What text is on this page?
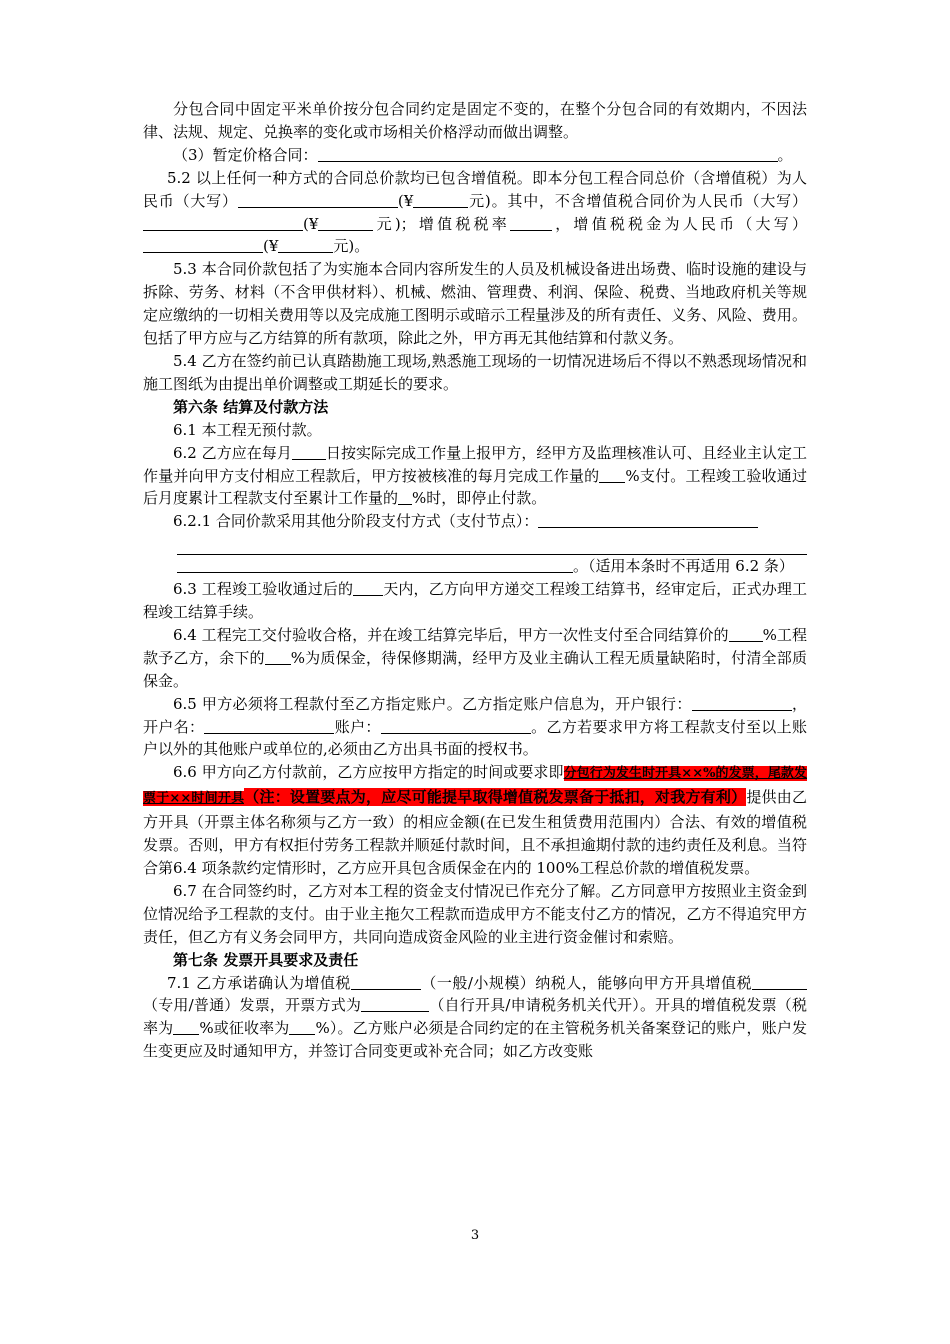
分包合同中固定平米单价按分包合同约定是固定不变的，在整个分包合同的有效期内，不因法律、法规、规定、兑换率的变化或市场相关价格浮动而做出调整。

（3）暂定价格合同：	。

5.2 以上任何一种方式的合同总价款均已包含增值税。即本分包工程合同总价（含增值税）为人民币（大写）	(¥	元)。其中，不含增值税合同价为人民币（大写）(¥	元)；增值税税率	，增值税税金为人民币（大写）(¥	元)。

5.3 本合同价款包括了为实施本合同内容所发生的人员及机械设备进出场费、临时设施的建设与拆除、劳务、材料（不含甲供材料）、机械、燃油、管理费、利润、保险、税费、当地政府机关等规定应缴纳的一切相关费用等以及完成施工图明示或暗示工程量涉及的所有责任、义务、风险、费用。包括了甲方应与乙方结算的所有款项，除此之外，甲方再无其他结算和付款义务。

5.4 乙方在签约前已认真踏勘施工现场,熟悉施工现场的一切情况进场后不得以不熟悉现场情况和施工图纸为由提出单价调整或工期延长的要求。

第六条 结算及付款方法

6.1 本工程无预付款。

6.2 乙方应在每月 日按实际完成工作量上报甲方，经甲方及监理核准认可、且经业主认定工作量并向甲方支付相应工程款后，甲方按被核准的每月完成工作量的 %支付。工程竣工验收通过后月度累计工程款支付至累计工作量的 %时，即停止付款。

6.2.1 合同价款采用其他分阶段支付方式（支付节点）：

。（适用本条时不再适用 6.2 条）

6.3 工程竣工验收通过后的 天内，乙方向甲方递交工程竣工结算书，经审定后，正式办理工程竣工结算手续。

6.4 工程完工交付验收合格，并在竣工结算完毕后，甲方一次性支付至合同结算价的 %工程款予乙方，余下的 %为质保金，待保修期满，经甲方及业主确认工程无质量缺陷时，付清全部质保金。

6.5 甲方必须将工程款付至乙方指定账户。乙方指定账户信息为，开户银行：	，开户名：	账户：	。乙方若要求甲方将工程款支付至以上账户以外的其他账户或单位的,必须由乙方出具书面的授权书。

6.6 甲方向乙方付款前，乙方应按甲方指定的时间或要求即分包行为发生时开具××%的发票，尾款发票于××时间开具（注：设置要点为，应尽可能提早取得增值税发票备于抵扣，对我方有利）提供由乙方开具（开票主体名称须与乙方一致）的相应金额(在已发生租赁费用范围内）合法、有效的增值税发票。否则，甲方有权拒付劳务工程款并顺延付款时间，且不承担逾期付款的违约责任及利息。当符合第6.4 项条款约定情形时，乙方应开具包含质保金在内的 100%工程总价款的增值税发票。

6.7 在合同签约时，乙方对本工程的资金支付情况已作充分了解。乙方同意甲方按照业主资金到位情况给予工程款的支付。由于业主拖欠工程款而造成甲方不能支付乙方的情况，乙方不得追究甲方责任，但乙方有义务会同甲方，共同向造成资金风险的业主进行资金催讨和索赔。

第七条 发票开具要求及责任

7.1 乙方承诺确认为增值税	（一般/小规模）纳税人，能够向甲方开具增值税（专用/普通）发票，开票方式为	（自行开具/申请税务机关代开）。开具的增值税发票（税率为 %或征收率为 %）。乙方账户必须是合同约定的在主管税务机关备案登记的账户，账户发生变更应及时通知甲方，并签订合同变更或补充合同；如乙方改变账

3
